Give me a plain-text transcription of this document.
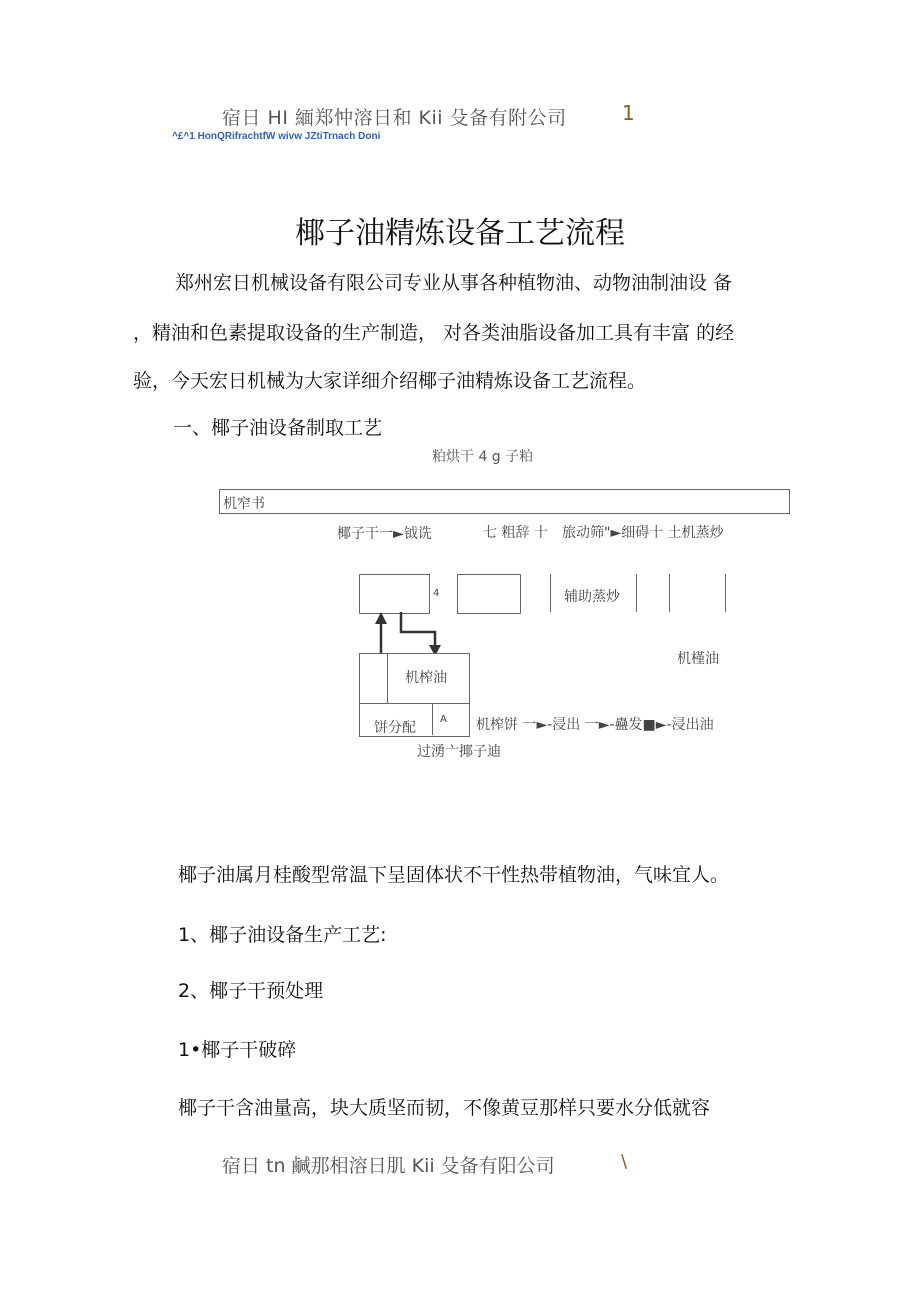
宿日 HI 緬郑忡溶日和 Kii 殳备有附公司	1
^£^1 HonQRifrachtfW wivw JZtiTrnach Doni
椰子油精炼设备工艺流程
郑州宏日机械设备有限公司专业从事各种植物油、动物油制油设 备
，精油和色素提取设备的生产制造， 对各类油脂设备加工具有丰富 的经
验，今天宏日机械为大家详细介绍椰子油精炼设备工艺流程。
一、椰子油设备制取工艺
粕烘干 4 g 子粕
机窄书
椰子干一►钺诜	七 粗辞 十 旅动筛"►细碍十 土机蒸炒
4	辅助蒸炒
机榨油
饼分配
A
机槿油
机榨饼 一►-浸出 一►-蠱发■►-浸出油
过湧亠揶子迪
椰子油属月桂酸型常温下呈固体状不干性热带植物油，气味宜人。
1、椰子油设备生产工艺:
2、椰子干预处理
1•椰子干破碎
椰子干含油量高，块大质坚而韧，不像黄豆那样只要水分低就容
宿日 tn 鹹那相溶日肌 Kii 殳备有阳公司	\
